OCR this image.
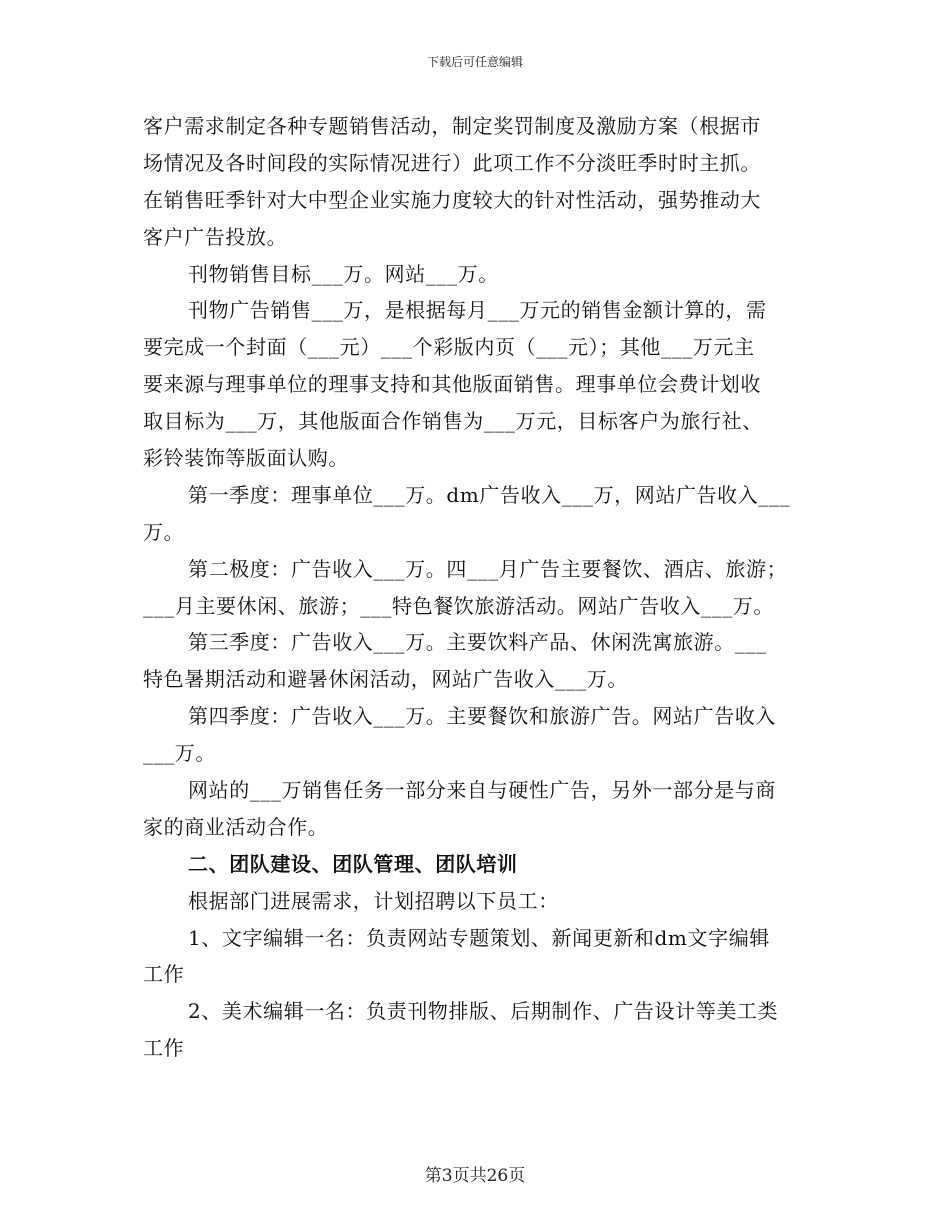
下载后可任意编辑
客户需求制定各种专题销售活动，制定奖罚制度及激励方案（根据市
场情况及各时间段的实际情况进行）此项工作不分淡旺季时时主抓。
在销售旺季针对大中型企业实施力度较大的针对性活动，强势推动大
客户广告投放。
刊物销售目标___万。网站___万。
刊物广告销售___万，是根据每月___万元的销售金额计算的，需
要完成一个封面（___元）___个彩版内页（___元）；其他___万元主
要来源与理事单位的理事支持和其他版面销售。理事单位会费计划收
取目标为___万，其他版面合作销售为___万元，目标客户为旅行社、
彩铃装饰等版面认购。
第一季度：理事单位___万。dm广告收入___万，网站广告收入___
万。
第二极度：广告收入___万。四___月广告主要餐饮、酒店、旅游；
___月主要休闲、旅游；___特色餐饮旅游活动。网站广告收入___万。
第三季度：广告收入___万。主要饮料产品、休闲洗寓旅游。___
特色暑期活动和避暑休闲活动，网站广告收入___万。
第四季度：广告收入___万。主要餐饮和旅游广告。网站广告收入
___万。
网站的___万销售任务一部分来自与硬性广告，另外一部分是与商
家的商业活动合作。
二、团队建设、团队管理、团队培训
根据部门进展需求，计划招聘以下员工：
1、文字编辑一名：负责网站专题策划、新闻更新和dm文字编辑
工作
2、美术编辑一名：负责刊物排版、后期制作、广告设计等美工类
工作
第3页共26页
